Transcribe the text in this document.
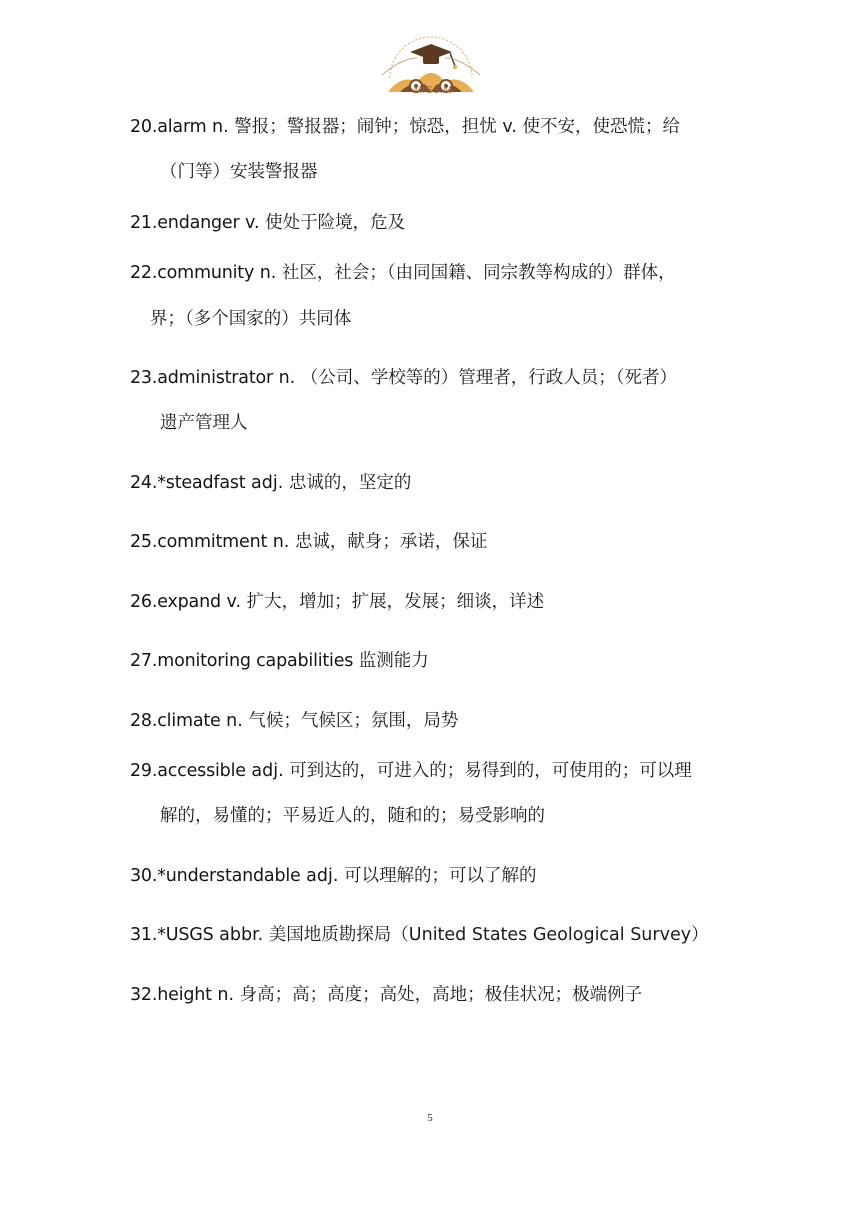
MISS.M
20.alarm n. 警报；警报器；闹钟；惊恐，担忧 v. 使不安，使恐慌；给
（门等）安装警报器
21.endanger v. 使处于险境，危及
22.community n. 社区，社会；（由同国籍、同宗教等构成的）群体，
界；（多个国家的）共同体
23.administrator n. （公司、学校等的）管理者，行政人员；（死者）
遗产管理人
24.*steadfast adj. 忠诚的，坚定的
25.commitment n. 忠诚，献身；承诺，保证
26.expand v. 扩大，增加；扩展，发展；细谈，详述
27.monitoring capabilities 监测能力
28.climate n. 气候；气候区；氛围，局势
29.accessible adj. 可到达的，可进入的；易得到的，可使用的；可以理
解的，易懂的；平易近人的，随和的；易受影响的
30.*understandable adj. 可以理解的；可以了解的
31.*USGS abbr. 美国地质勘探局（United States Geological Survey）
32.height n. 身高；高；高度；高处，高地；极佳状况；极端例子
5
